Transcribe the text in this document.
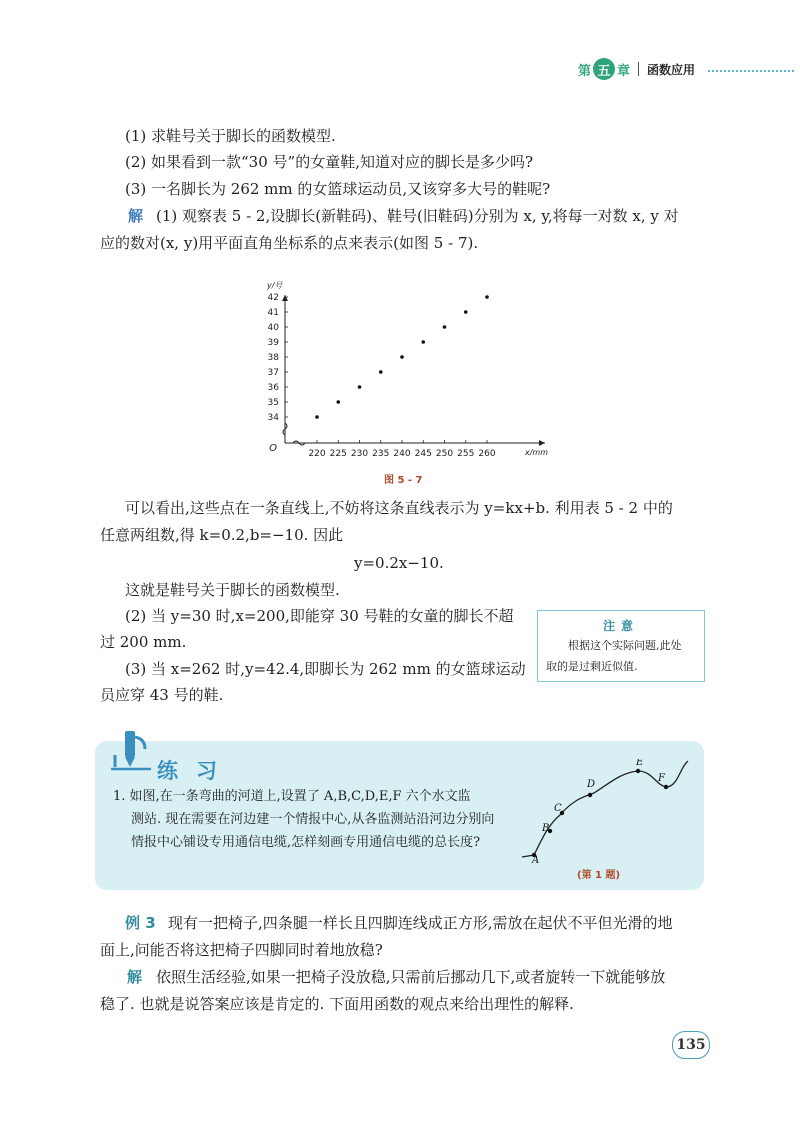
第 五 章 函数应用
(1) 求鞋号关于脚长的函数模型.
(2) 如果看到一款“30 号”的女童鞋,知道对应的脚长是多少吗?
(3) 一名脚长为 262 mm 的女篮球运动员,又该穿多大号的鞋呢?
解 (1) 观察表 5 - 2,设脚长(新鞋码)、鞋号(旧鞋码)分别为 x, y,将每一对数 x, y 对
应的数对(x, y)用平面直角坐标系的点来表示(如图 5 - 7).
220 225 230 235 240 245 250 255 260
34
35
36
37
38
39
40
41
42
O
y/号
x/mm
图 5 - 7
可以看出,这些点在一条直线上,不妨将这条直线表示为 y=kx+b. 利用表 5 - 2 中的
任意两组数,得 k=0.2,b=−10. 因此
y=0.2x−10.
这就是鞋号关于脚长的函数模型.
(2) 当 y=30 时,x=200,即能穿 30 号鞋的女童的脚长不超
过 200 mm.
(3) 当 x=262 时,y=42.4,即脚长为 262 mm 的女篮球运动
员应穿 43 号的鞋.
注意
根据这个实际问题,此处
取的是过剩近似值.
练习
1. 如图,在一条弯曲的河道上,设置了 A,B,C,D,E,F 六个水文监
测站. 现在需要在河边建一个情报中心,从各监测站沿河边分别向
情报中心铺设专用通信电缆,怎样刻画专用通信电缆的总长度?
A
B
C
D
E
F
(第 1 题)
例 3 现有一把椅子,四条腿一样长且四脚连线成正方形,需放在起伏不平但光滑的地
面上,问能否将这把椅子四脚同时着地放稳?
解 依照生活经验,如果一把椅子没放稳,只需前后挪动几下,或者旋转一下就能够放
稳了. 也就是说答案应该是肯定的. 下面用函数的观点来给出理性的解释.
135
